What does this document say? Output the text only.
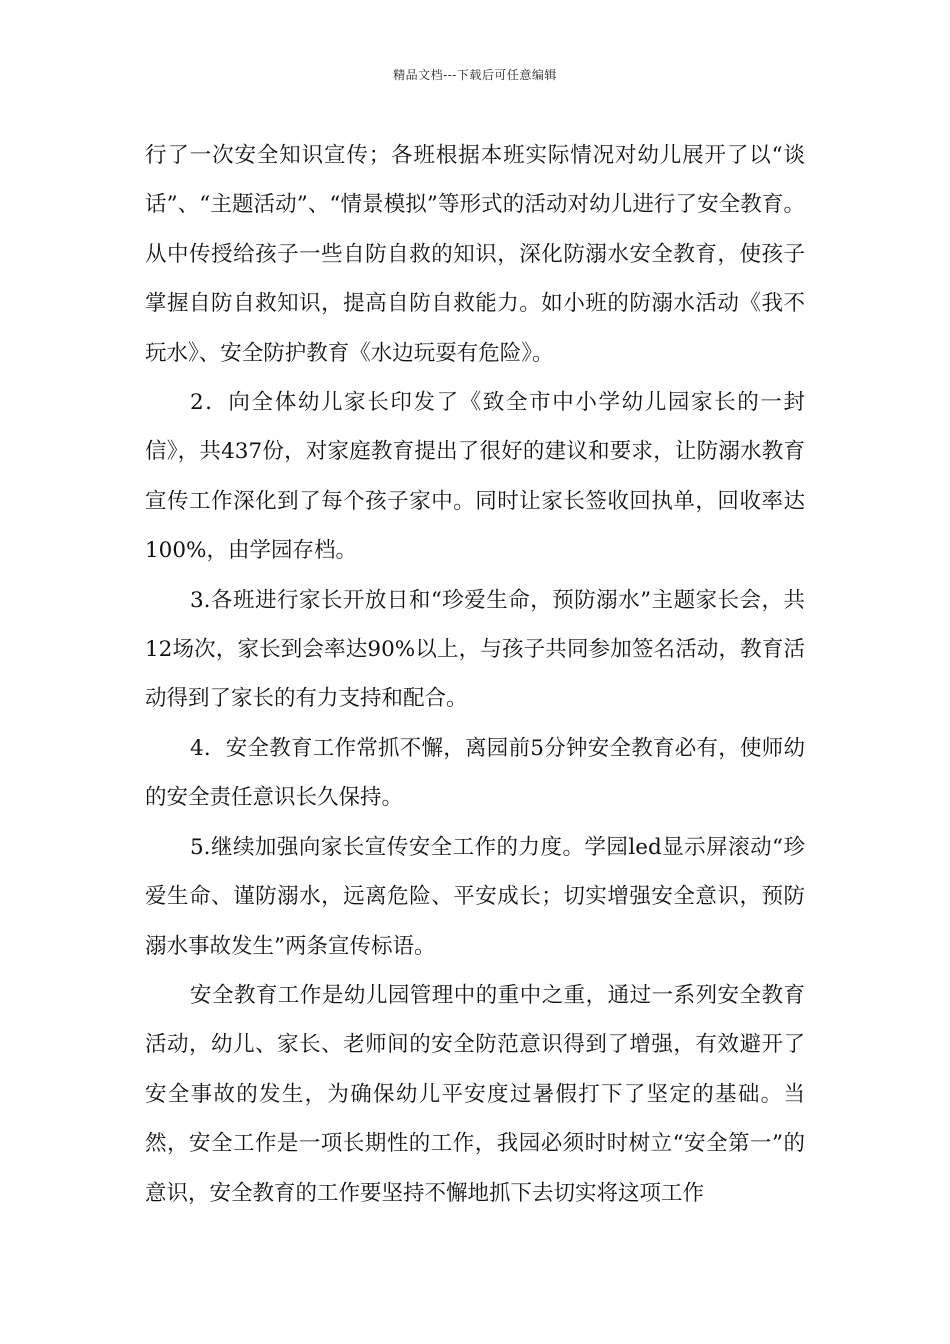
精品文档---下载后可任意编辑

行了一次安全知识宣传；各班根据本班实际情况对幼儿展开了以“谈话”、“主题活动”、“情景模拟”等形式的活动对幼儿进行了安全教育。从中传授给孩子一些自防自救的知识，深化防溺水安全教育，使孩子掌握自防自救知识，提高自防自救能力。如小班的防溺水活动《我不玩水》、安全防护教育《水边玩耍有危险》。

2．向全体幼儿家长印发了《致全市中小学幼儿园家长的一封信》，共437份，对家庭教育提出了很好的建议和要求，让防溺水教育宣传工作深化到了每个孩子家中。同时让家长签收回执单，回收率达100%，由学园存档。

3.各班进行家长开放日和“珍爱生命，预防溺水”主题家长会，共12场次，家长到会率达90%以上，与孩子共同参加签名活动，教育活动得到了家长的有力支持和配合。

4．安全教育工作常抓不懈，离园前5分钟安全教育必有，使师幼的安全责任意识长久保持。

5.继续加强向家长宣传安全工作的力度。学园led显示屏滚动“珍爱生命、谨防溺水，远离危险、平安成长；切实增强安全意识，预防溺水事故发生”两条宣传标语。

安全教育工作是幼儿园管理中的重中之重，通过一系列安全教育活动，幼儿、家长、老师间的安全防范意识得到了增强，有效避开了安全事故的发生，为确保幼儿平安度过暑假打下了坚定的基础。当然，安全工作是一项长期性的工作，我园必须时时树立“安全第一”的意识，安全教育的工作要坚持不懈地抓下去切实将这项工作
